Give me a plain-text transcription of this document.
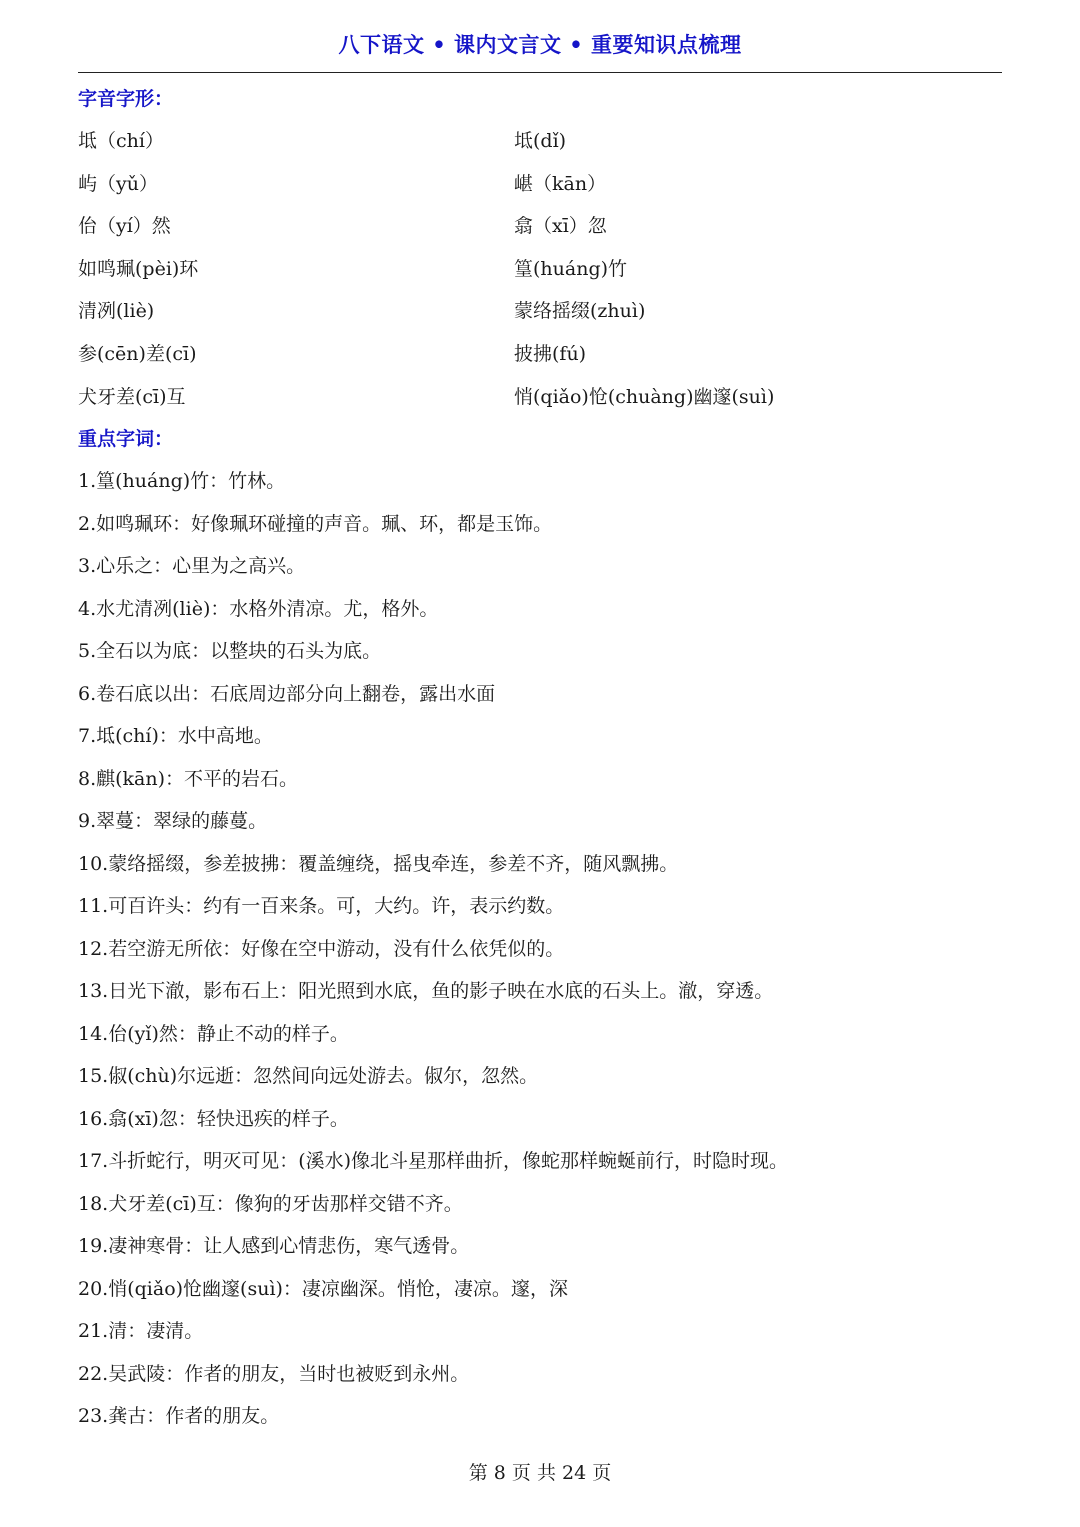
八下语文 • 课内文言文 • 重要知识点梳理
字音字形：
坻（chí）	坻(dǐ)
屿（yǔ）	嵁（kān）
佁（yí）然	翕（xī）忽
如鸣珮(pèi)环	篁(huáng)竹
清冽(liè)	蒙络摇缀(zhuì)
参(cēn)差(cī)	披拂(fú)
犬牙差(cī)互	悄(qiǎo)怆(chuàng)幽邃(suì)
重点字词：
1.篁(huáng)竹：竹林。
2.如鸣珮环：好像珮环碰撞的声音。珮、环，都是玉饰。
3.心乐之：心里为之高兴。
4.水尤清冽(liè)：水格外清凉。尤，格外。
5.全石以为底：以整块的石头为底。
6.卷石底以出：石底周边部分向上翻卷，露出水面
7.坻(chí)：水中高地。
8.麒(kān)：不平的岩石。
9.翠蔓：翠绿的藤蔓。
10.蒙络摇缀，参差披拂：覆盖缠绕，摇曳牵连，参差不齐，随风飘拂。
11.可百许头：约有一百来条。可，大约。许，表示约数。
12.若空游无所依：好像在空中游动，没有什么依凭似的。
13.日光下澈，影布石上：阳光照到水底，鱼的影子映在水底的石头上。澈，穿透。
14.佁(yǐ)然：静止不动的样子。
15.俶(chù)尔远逝：忽然间向远处游去。俶尔，忽然。
16.翕(xī)忽：轻快迅疾的样子。
17.斗折蛇行，明灭可见：(溪水)像北斗星那样曲折，像蛇那样蜿蜒前行，时隐时现。
18.犬牙差(cī)互：像狗的牙齿那样交错不齐。
19.凄神寒骨：让人感到心情悲伤，寒气透骨。
20.悄(qiǎo)怆幽邃(suì)：凄凉幽深。悄怆，凄凉。邃，深
21.清：凄清。
22.吴武陵：作者的朋友，当时也被贬到永州。
23.龚古：作者的朋友。
第 8 页 共 24 页
